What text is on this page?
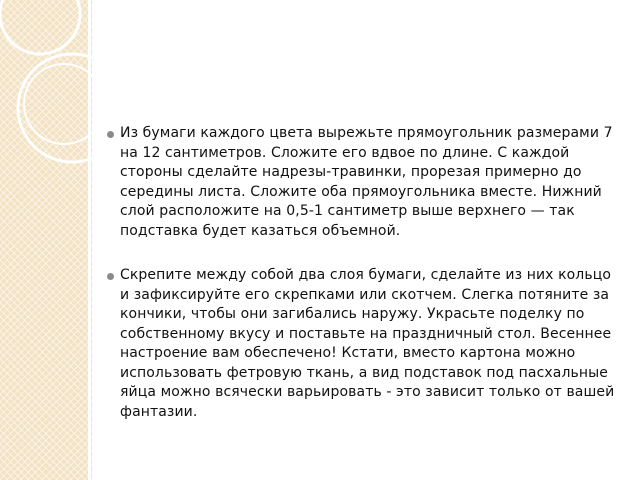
Из бумаги каждого цвета вырежьте прямоугольник размерами 7 на 12 сантиметров. Сложите его вдвое по длине. С каждой стороны сделайте надрезы-травинки, прорезая примерно до середины листа. Сложите оба прямоугольника вместе. Нижний слой расположите на 0,5-1 сантиметр выше верхнего — так подставка будет казаться объемной.
Скрепите между собой два слоя бумаги, сделайте из них кольцо и зафиксируйте его скрепками или скотчем. Слегка потяните за кончики, чтобы они загибались наружу. Украсьте поделку по собственному вкусу и поставьте на праздничный стол. Весеннее настроение вам обеспечено! Кстати, вместо картона можно использовать фетровую ткань, а вид подставок под пасхальные яйца можно всячески варьировать - это зависит только от вашей фантазии.
